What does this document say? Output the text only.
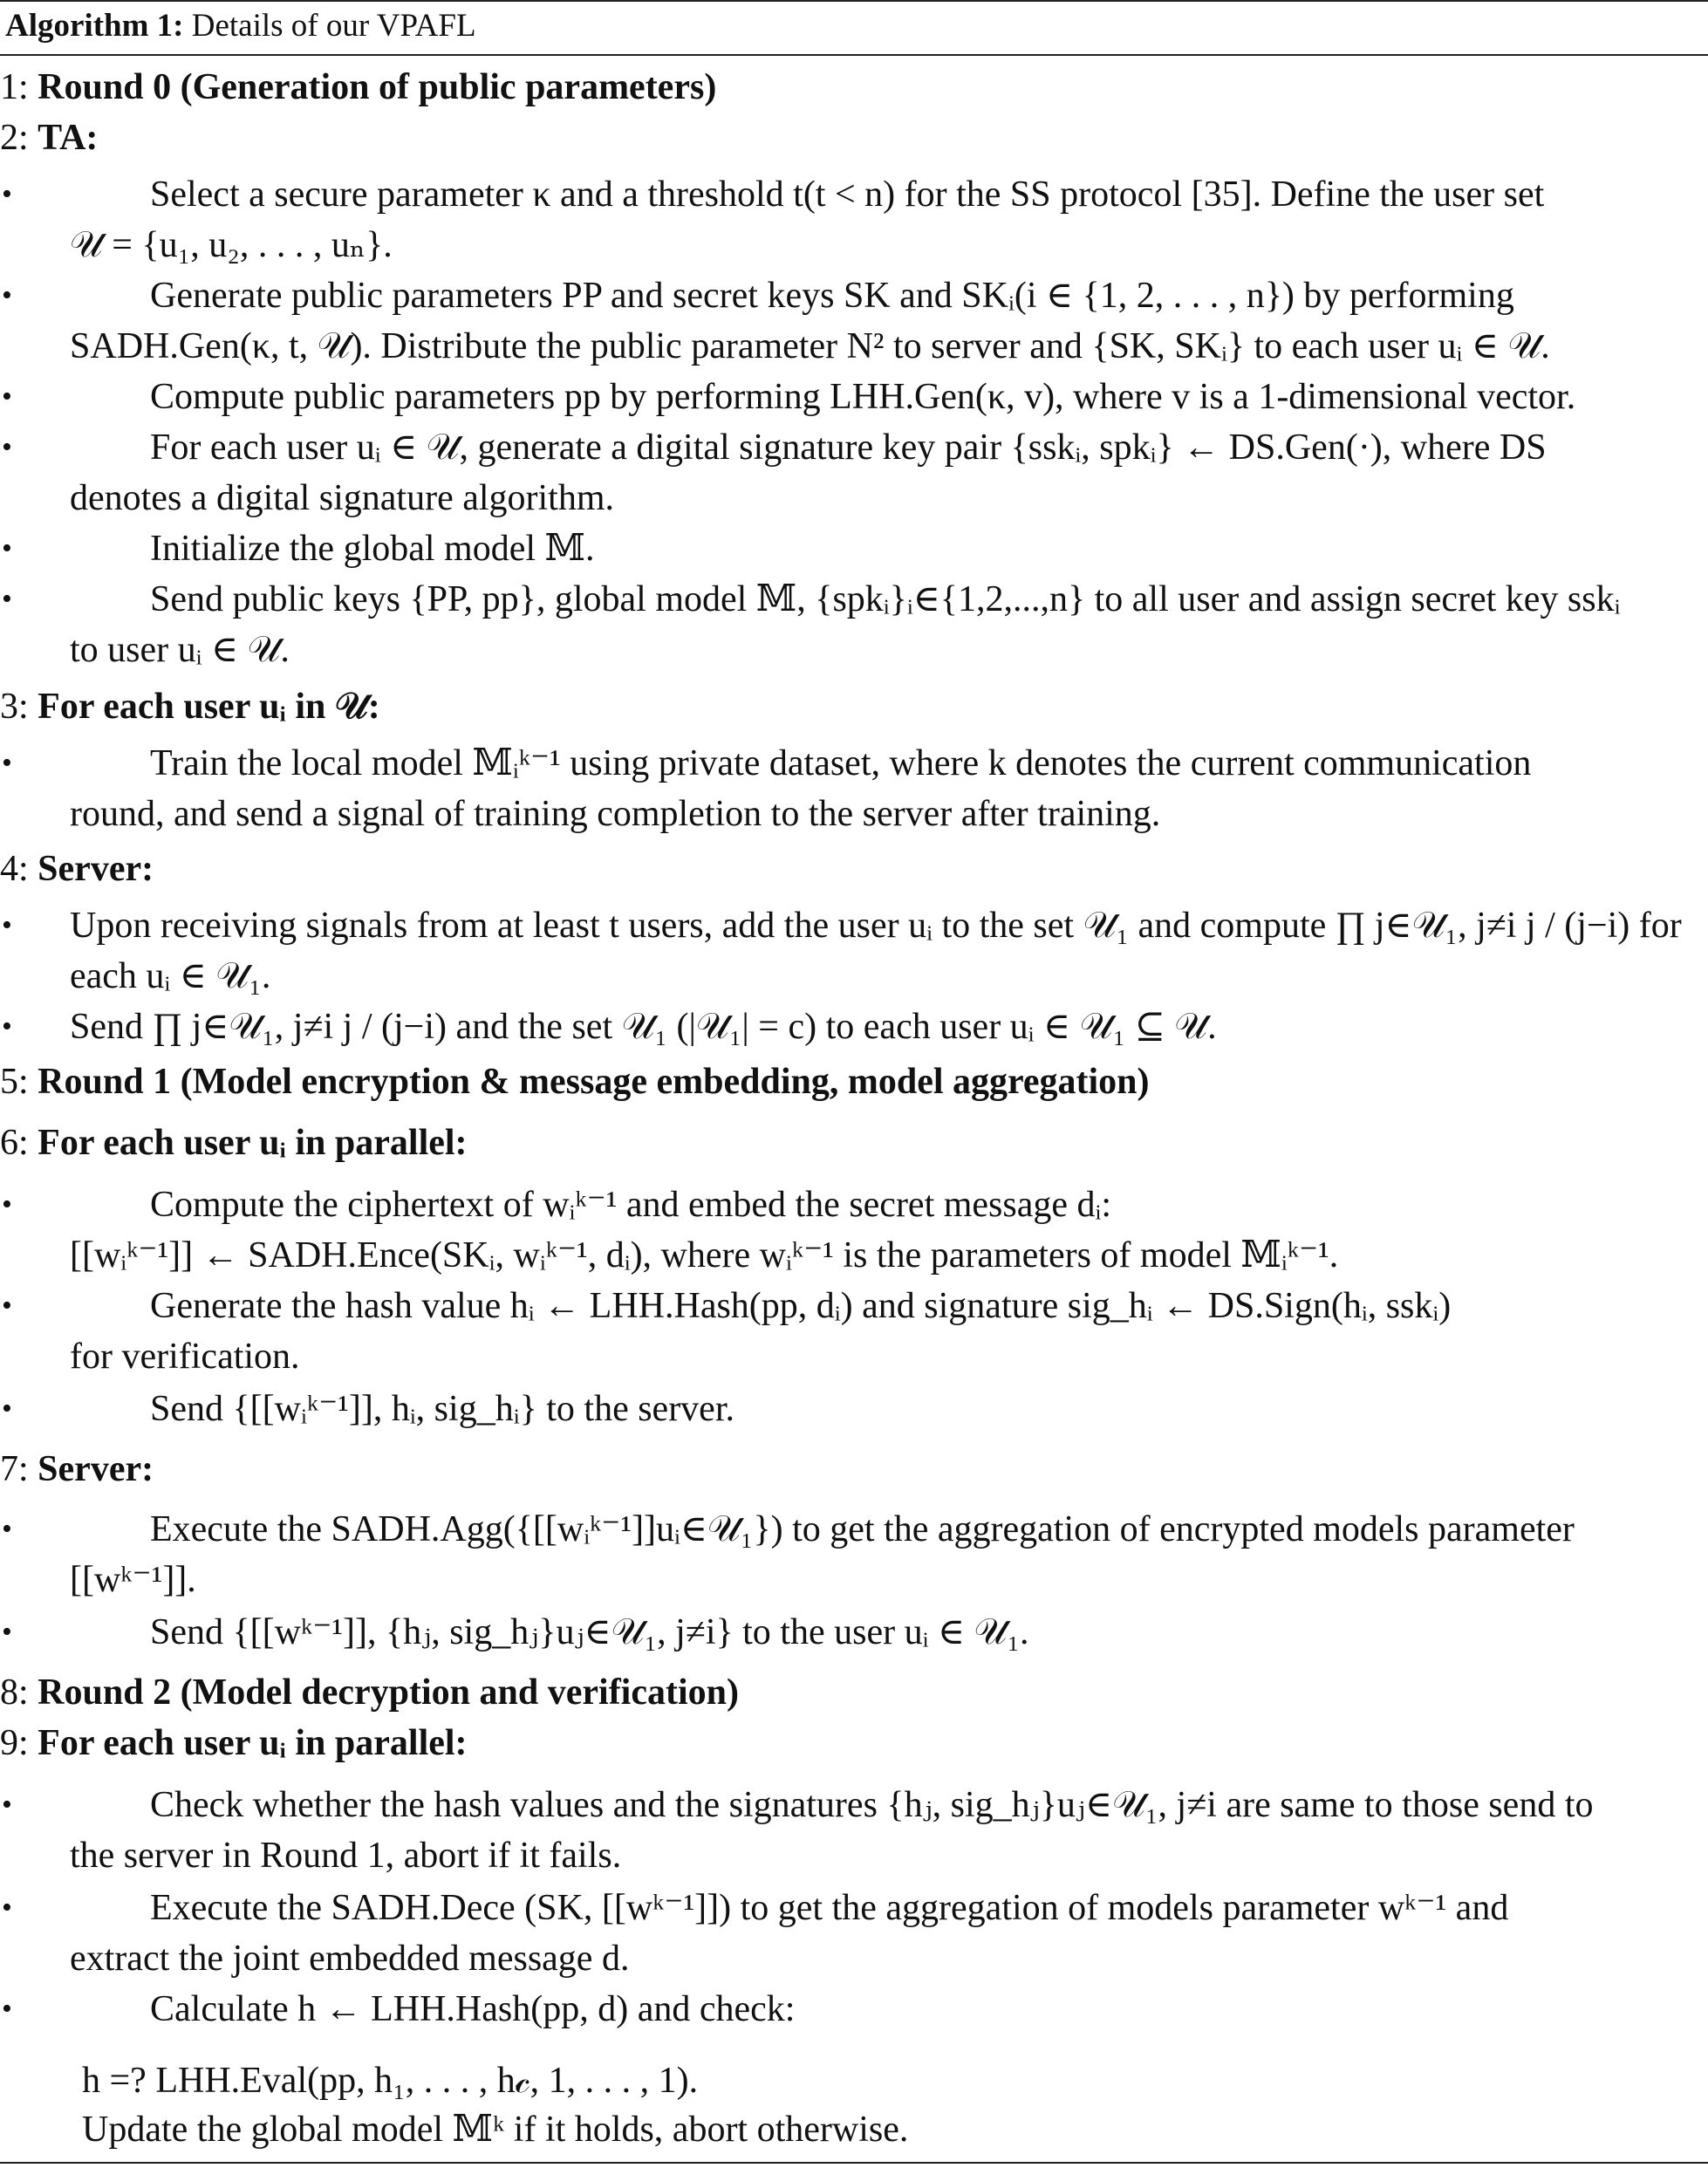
Algorithm 1: Details of our VPAFL
1: Round 0 (Generation of public parameters)
2: TA:
•	Select a secure parameter κ and a threshold t(t < n) for the SS protocol [35]. Define the user set
𝒰 = {u₁, u₂, . . . , uₙ}.
•	Generate public parameters PP and secret keys SK and SKᵢ(i ∈ {1, 2, . . . , n}) by performing
SADH.Gen(κ, t, 𝒰). Distribute the public parameter N² to server and {SK, SKᵢ} to each user uᵢ ∈ 𝒰.
•	Compute public parameters pp by performing LHH.Gen(κ, v), where v is a 1-dimensional vector.
•	For each user uᵢ ∈ 𝒰, generate a digital signature key pair {sskᵢ, spkᵢ} ← DS.Gen(·), where DS
denotes a digital signature algorithm.
•	Initialize the global model 𝕄.
•	Send public keys {PP, pp}, global model 𝕄, {spkᵢ}ᵢ∈{1,2,...,n} to all user and assign secret key sskᵢ
to user uᵢ ∈ 𝒰.
3: For each user uᵢ in 𝒰:
•	Train the local model 𝕄ᵢᵏ⁻¹ using private dataset, where k denotes the current communication
round, and send a signal of training completion to the server after training.
4: Server:
• Upon receiving signals from at least t users, add the user uᵢ to the set 𝒰₁ and compute ∏ j∈𝒰₁, j≠i j / (j−i) for
each uᵢ ∈ 𝒰₁.
• Send ∏ j∈𝒰₁, j≠i j / (j−i) and the set 𝒰₁ (|𝒰₁| = c) to each user uᵢ ∈ 𝒰₁ ⊆ 𝒰.
5: Round 1 (Model encryption & message embedding, model aggregation)
6: For each user uᵢ in parallel:
•	Compute the ciphertext of wᵢᵏ⁻¹ and embed the secret message dᵢ:
[[wᵢᵏ⁻¹]] ← SADH.Ence(SKᵢ, wᵢᵏ⁻¹, dᵢ), where wᵢᵏ⁻¹ is the parameters of model 𝕄ᵢᵏ⁻¹.
•	Generate the hash value hᵢ ← LHH.Hash(pp, dᵢ) and signature sig_hᵢ ← DS.Sign(hᵢ, sskᵢ)
for verification.
•	Send {[[wᵢᵏ⁻¹]], hᵢ, sig_hᵢ} to the server.
7: Server:
•	Execute the SADH.Agg({[[wᵢᵏ⁻¹]]uᵢ∈𝒰₁}) to get the aggregation of encrypted models parameter
[[wᵏ⁻¹]].
•	Send {[[wᵏ⁻¹]], {hⱼ, sig_hⱼ}uⱼ∈𝒰₁, j≠i} to the user uᵢ ∈ 𝒰₁.
8: Round 2 (Model decryption and verification)
9: For each user uᵢ in parallel:
•	Check whether the hash values and the signatures {hⱼ, sig_hⱼ}uⱼ∈𝒰₁, j≠i are same to those send to
the server in Round 1, abort if it fails.
•	Execute the SADH.Dece (SK, [[wᵏ⁻¹]]) to get the aggregation of models parameter wᵏ⁻¹ and
extract the joint embedded message d.
•	Calculate h ← LHH.Hash(pp, d) and check:
h =? LHH.Eval(pp, h₁, . . . , h𝒸, 1, . . . , 1).
Update the global model 𝕄ᵏ if it holds, abort otherwise.
